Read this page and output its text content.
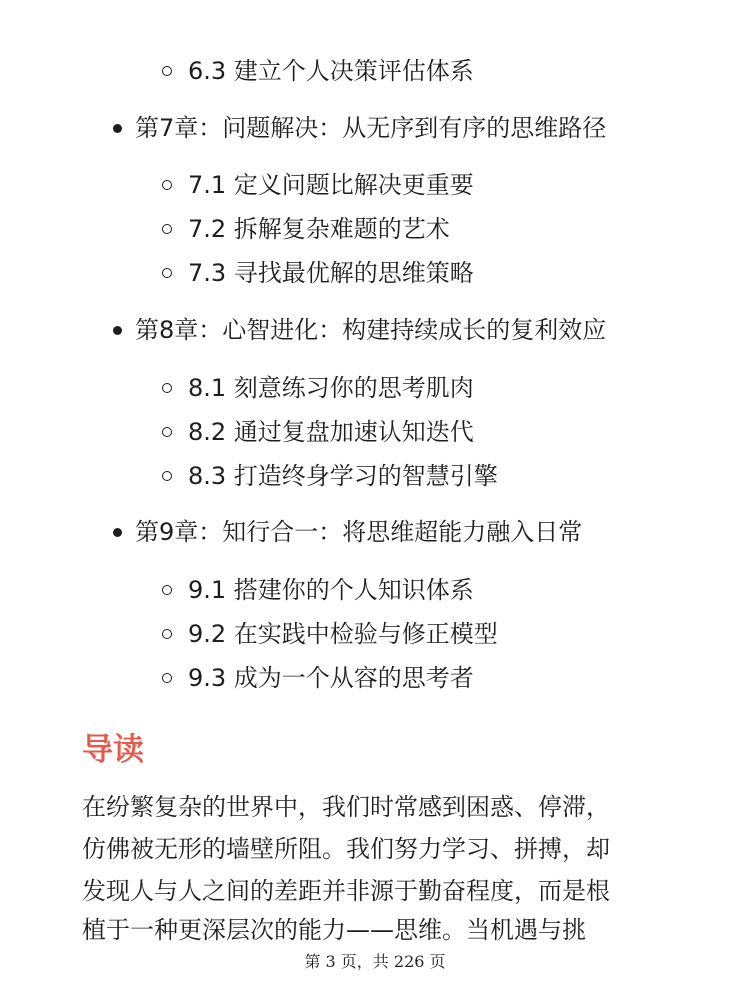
6.3 建立个人决策评估体系
第7章：问题解决：从无序到有序的思维路径
7.1 定义问题比解决更重要
7.2 拆解复杂难题的艺术
7.3 寻找最优解的思维策略
第8章：心智进化：构建持续成长的复利效应
8.1 刻意练习你的思考肌肉
8.2 通过复盘加速认知迭代
8.3 打造终身学习的智慧引擎
第9章：知行合一：将思维超能力融入日常
9.1 搭建你的个人知识体系
9.2 在实践中检验与修正模型
9.3 成为一个从容的思考者
导读
在纷繁复杂的世界中，我们时常感到困惑、停滞，
仿佛被无形的墙壁所阻。我们努力学习、拼搏，却
发现人与人之间的差距并非源于勤奋程度，而是根
植于一种更深层次的能力——思维。当机遇与挑
第 3 页，共 226 页
